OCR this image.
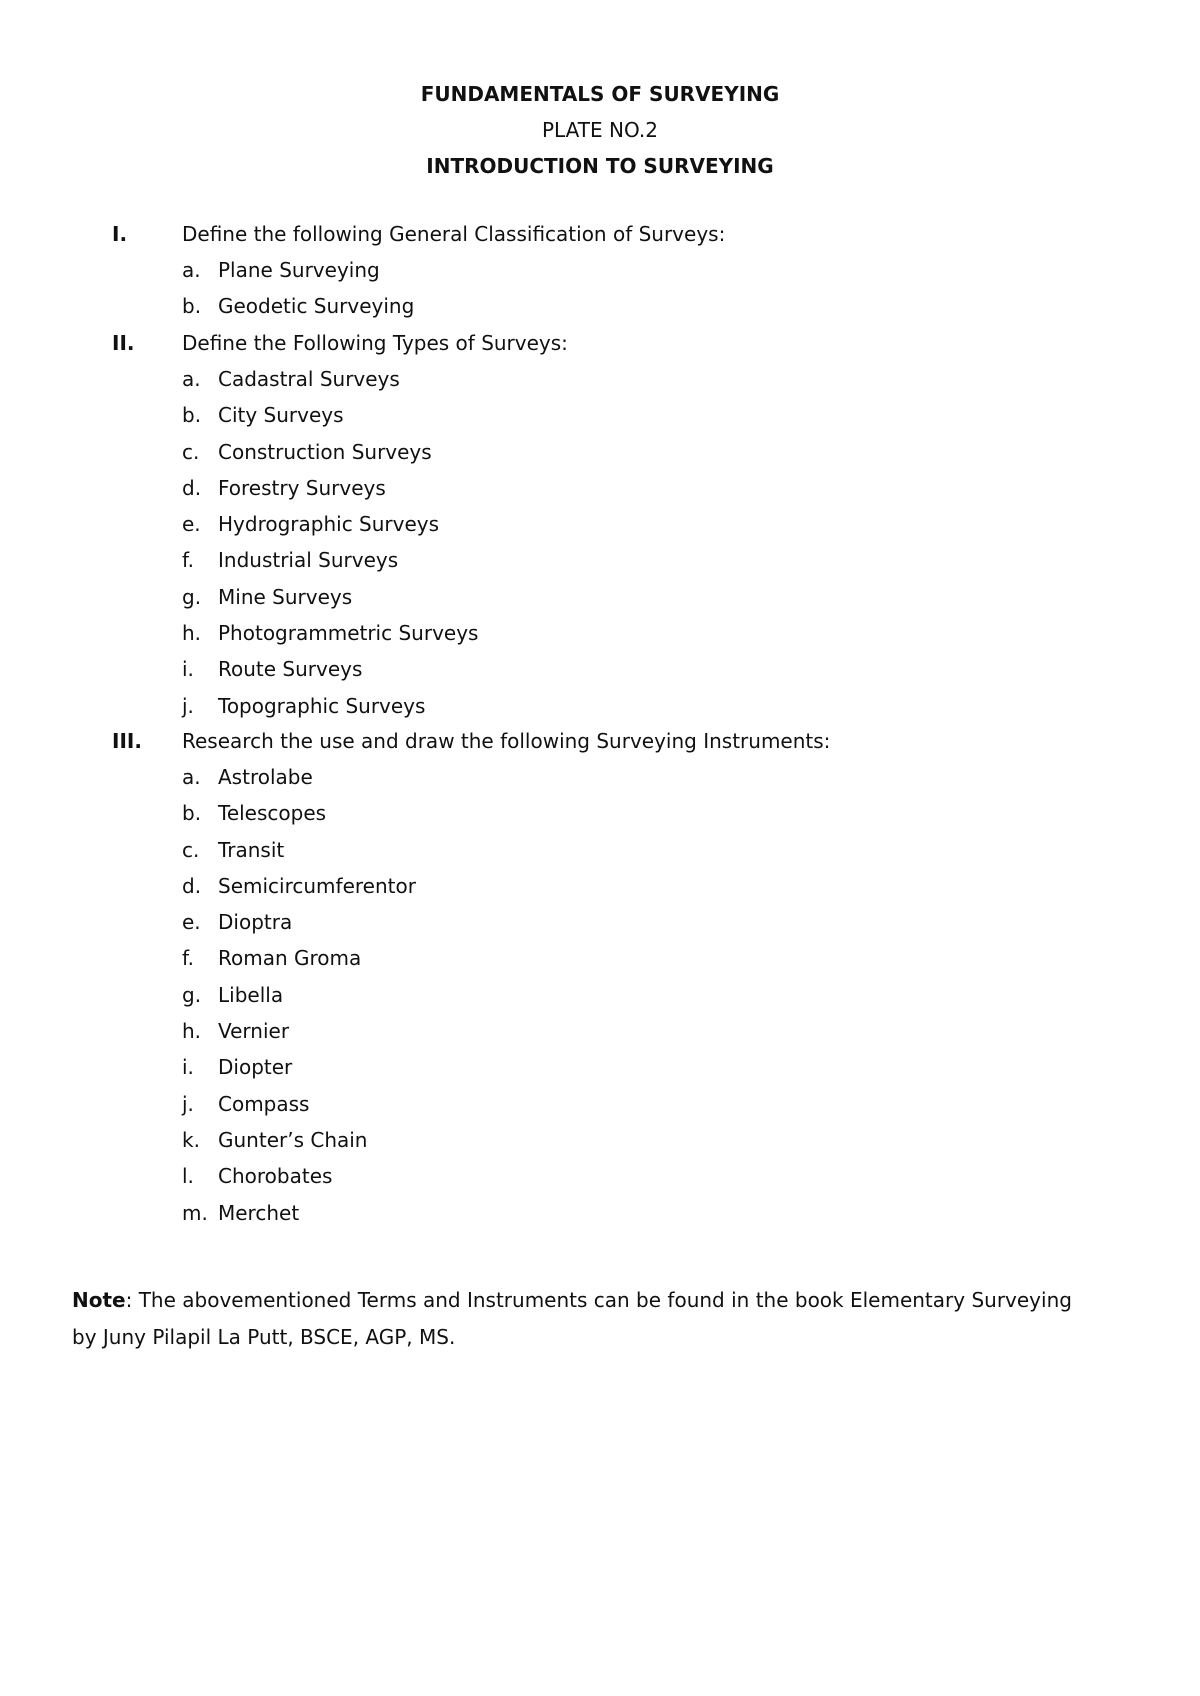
FUNDAMENTALS OF SURVEYING

PLATE NO.2

INTRODUCTION TO SURVEYING

I.	Define the following General Classification of Surveys:
a. Plane Surveying
b. Geodetic Surveying
II.	Define the Following Types of Surveys:
a. Cadastral Surveys
b. City Surveys
c. Construction Surveys
d. Forestry Surveys
e. Hydrographic Surveys
f. Industrial Surveys
g. Mine Surveys
h. Photogrammetric Surveys
i. Route Surveys
j. Topographic Surveys
III.	Research the use and draw the following Surveying Instruments:
a. Astrolabe
b. Telescopes
c. Transit
d. Semicircumferentor
e. Dioptra
f. Roman Groma
g. Libella
h. Vernier
i. Diopter
j. Compass
k. Gunter’s Chain
l. Chorobates
m. Merchet

Note: The abovementioned Terms and Instruments can be found in the book Elementary Surveying by Juny Pilapil La Putt, BSCE, AGP, MS.
